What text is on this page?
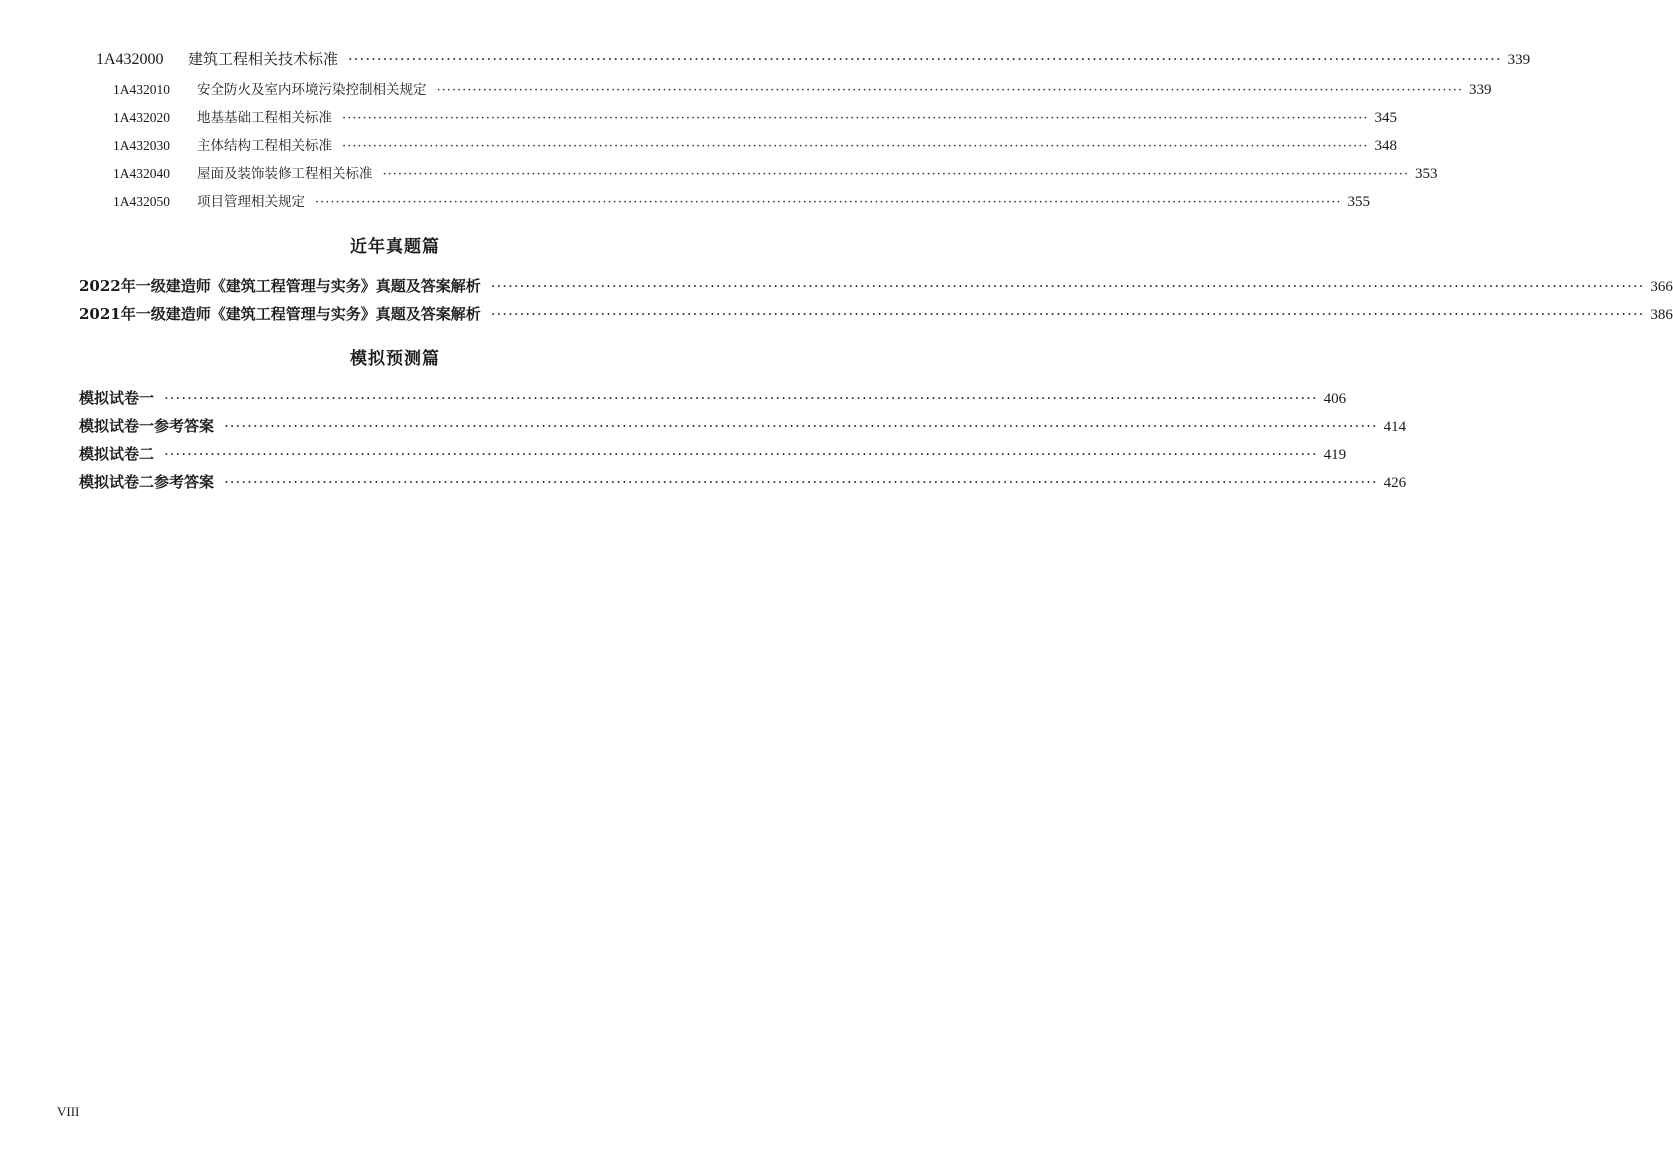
1A432000	建筑工程相关技术标准 ········································································································································································································ 339
1A432010	安全防火及室内环境污染控制相关规定 ········································································································································································································ 339
1A432020	地基基础工程相关标准 ········································································································································································································ 345
1A432030	主体结构工程相关标准 ········································································································································································································ 348
1A432040	屋面及装饰装修工程相关标准 ········································································································································································································ 353
1A432050	项目管理相关规定 ········································································································································································································ 355
近年真题篇
2022年一级建造师《建筑工程管理与实务》真题及答案解析 ········································································································································································································ 366
2021年一级建造师《建筑工程管理与实务》真题及答案解析 ········································································································································································································ 386
模拟预测篇
模拟试卷一 ········································································································································································································ 406
模拟试卷一参考答案 ········································································································································································································ 414
模拟试卷二 ········································································································································································································ 419
模拟试卷二参考答案 ········································································································································································································ 426
VIII
